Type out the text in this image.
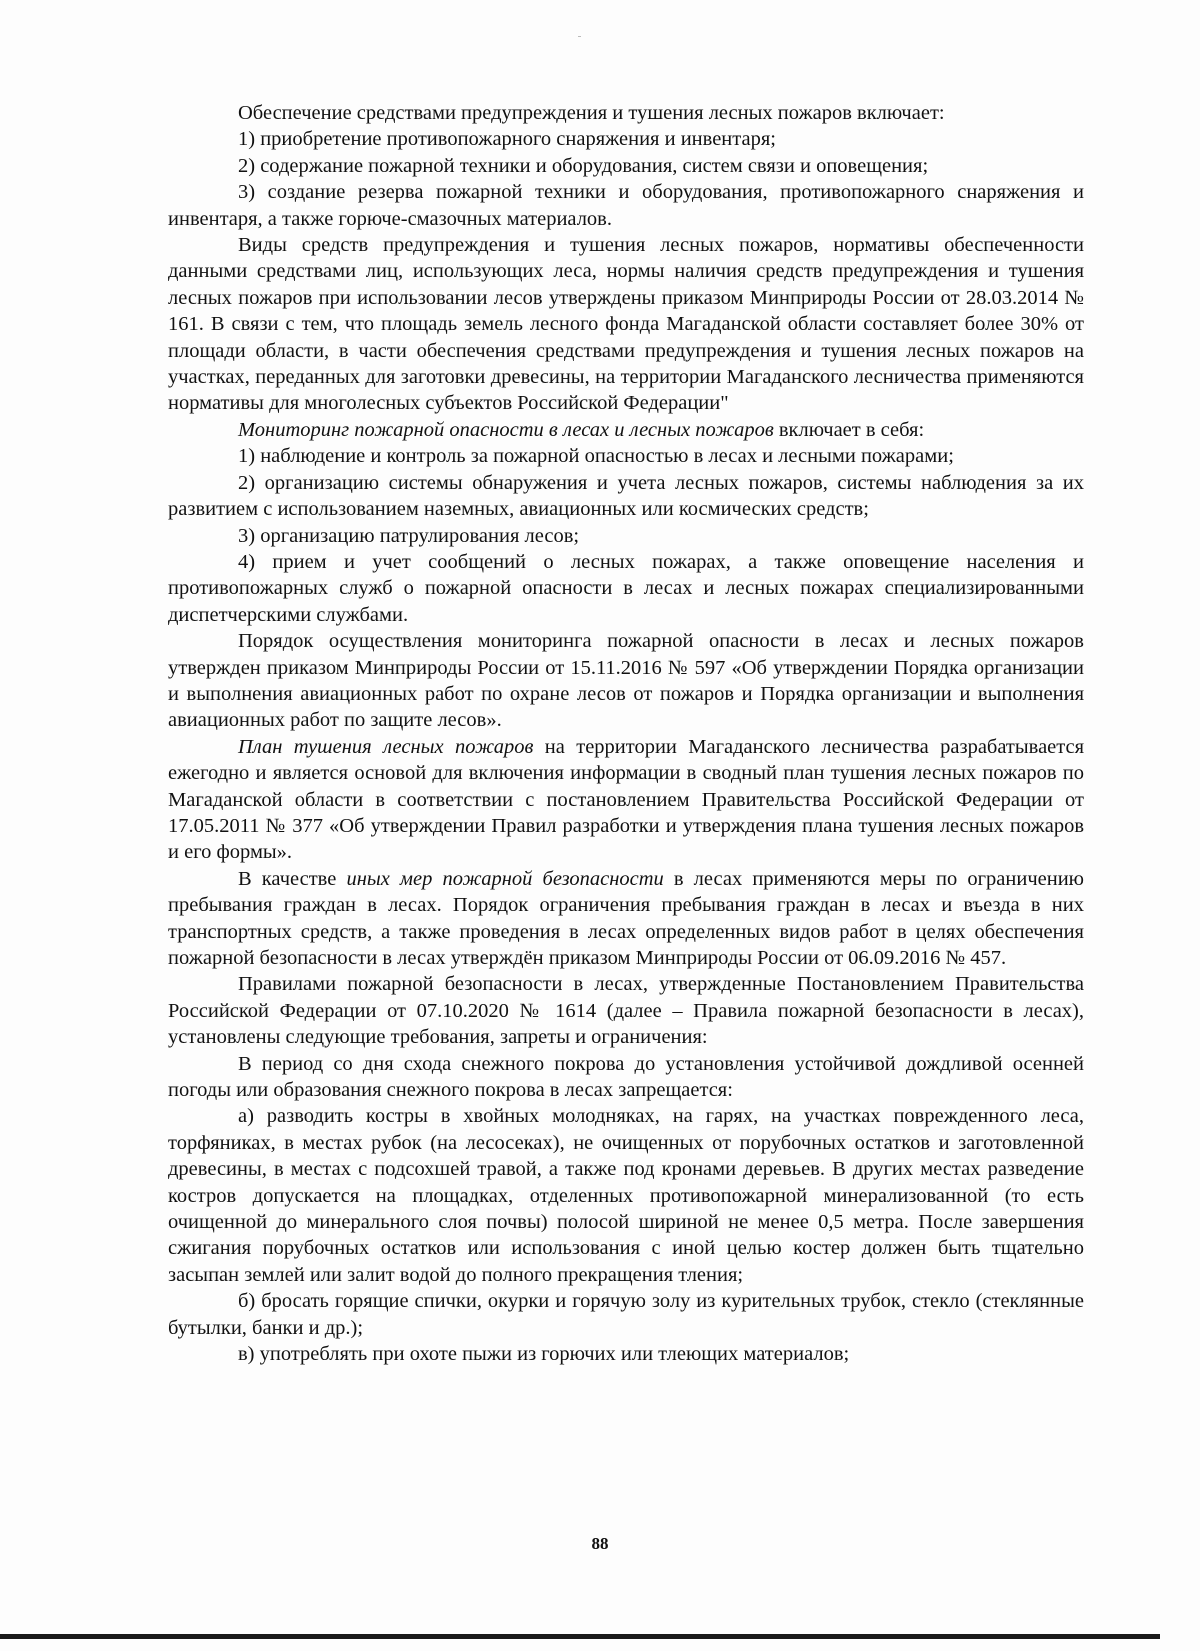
Обеспечение средствами предупреждения и тушения лесных пожаров включает:

1) приобретение противопожарного снаряжения и инвентаря;

2) содержание пожарной техники и оборудования, систем связи и оповещения;

3) создание резерва пожарной техники и оборудования, противопожарного снаряжения и инвентаря, а также горюче-смазочных материалов.

Виды средств предупреждения и тушения лесных пожаров, нормативы обеспеченности данными средствами лиц, использующих леса, нормы наличия средств предупреждения и тушения лесных пожаров при использовании лесов утверждены приказом Минприроды России от 28.03.2014 № 161. В связи с тем, что площадь земель лесного фонда Магаданской области составляет более 30% от площади области, в части обеспечения средствами предупреждения и тушения лесных пожаров на участках, переданных для заготовки древесины, на территории Магаданского лесничества применяются нормативы для многолесных субъектов Российской Федерации"

Мониторинг пожарной опасности в лесах и лесных пожаров включает в себя:

1) наблюдение и контроль за пожарной опасностью в лесах и лесными пожарами;

2) организацию системы обнаружения и учета лесных пожаров, системы наблюдения за их развитием с использованием наземных, авиационных или космических средств;

3) организацию патрулирования лесов;

4) прием и учет сообщений о лесных пожарах, а также оповещение населения и противопожарных служб о пожарной опасности в лесах и лесных пожарах специализированными диспетчерскими службами.

Порядок осуществления мониторинга пожарной опасности в лесах и лесных пожаров утвержден приказом Минприроды России от 15.11.2016 № 597 «Об утверждении Порядка организации и выполнения авиационных работ по охране лесов от пожаров и Порядка организации и выполнения авиационных работ по защите лесов».

План тушения лесных пожаров на территории Магаданского лесничества разрабатывается ежегодно и является основой для включения информации в сводный план тушения лесных пожаров по Магаданской области в соответствии с постановлением Правительства Российской Федерации от 17.05.2011 № 377 «Об утверждении Правил разработки и утверждения плана тушения лесных пожаров и его формы».

В качестве иных мер пожарной безопасности в лесах применяются меры по ограничению пребывания граждан в лесах. Порядок ограничения пребывания граждан в лесах и въезда в них транспортных средств, а также проведения в лесах определенных видов работ в целях обеспечения пожарной безопасности в лесах утверждён приказом Минприроды России от 06.09.2016 № 457.

Правилами пожарной безопасности в лесах, утвержденные Постановлением Правительства Российской Федерации от 07.10.2020 № 1614 (далее – Правила пожарной безопасности в лесах), установлены следующие требования, запреты и ограничения:

В период со дня схода снежного покрова до установления устойчивой дождливой осенней погоды или образования снежного покрова в лесах запрещается:

а) разводить костры в хвойных молодняках, на гарях, на участках поврежденного леса, торфяниках, в местах рубок (на лесосеках), не очищенных от порубочных остатков и заготовленной древесины, в местах с подсохшей травой, а также под кронами деревьев. В других местах разведение костров допускается на площадках, отделенных противопожарной минерализованной (то есть очищенной до минерального слоя почвы) полосой шириной не менее 0,5 метра. После завершения сжигания порубочных остатков или использования с иной целью костер должен быть тщательно засыпан землей или залит водой до полного прекращения тления;

б) бросать горящие спички, окурки и горячую золу из курительных трубок, стекло (стеклянные бутылки, банки и др.);

в) употреблять при охоте пыжи из горючих или тлеющих материалов;

88
